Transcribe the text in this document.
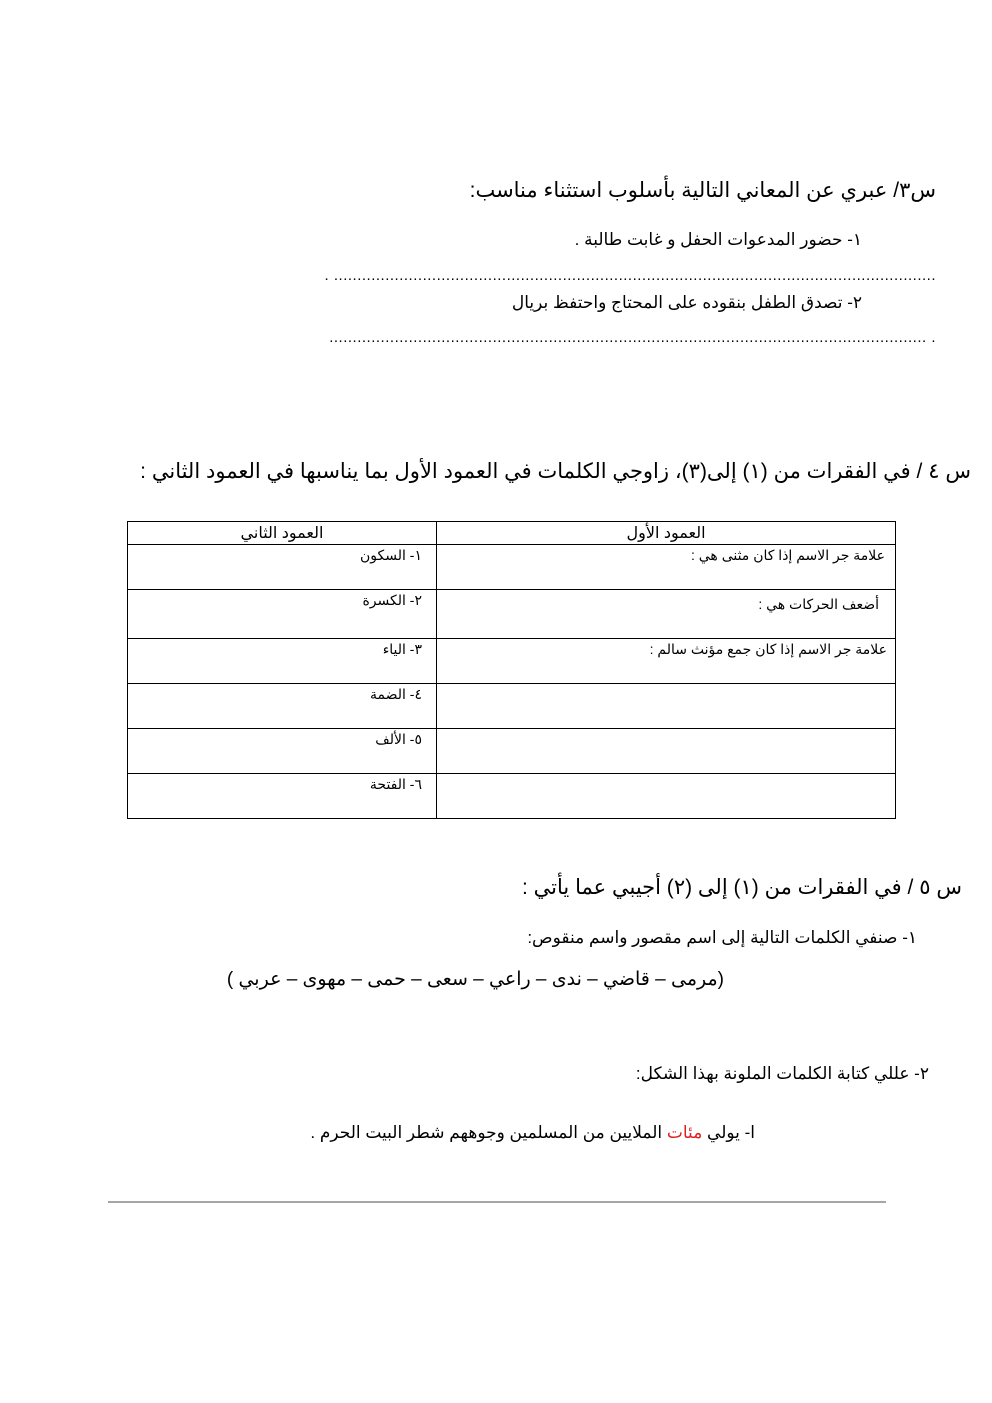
س٣/ عبري عن المعاني التالية بأسلوب استثناء مناسب:
١- حضور المدعوات الحفل و غابت طالبة .
................................................................................................................................. .
٢- تصدق الطفل بنقوده على المحتاج واحتفظ بريال
. ................................................................................................................................
س ٤ / في الفقرات من (١) إلى(٣)، زاوجي الكلمات في العمود الأول بما يناسبها في العمود الثاني :
العمود الأول	العمود الثاني
علامة جر الاسم إذا كان مثنى هي :	١- السكون
أضعف الحركات هي :	٢- الكسرة
علامة جر الاسم إذا كان جمع مؤنث سالم :	٣- الياء
	٤- الضمة
	٥- الألف
	٦- الفتحة
س ٥ / في الفقرات من (١) إلى (٢) أجيبي عما يأتي :
١- صنفي الكلمات التالية إلى اسم مقصور واسم منقوص:
(مرمى – قاضي – ندى – راعي – سعى – حمى – مهوى – عربي )
٢- عللي كتابة الكلمات الملونة بهذا الشكل:
ا- يولي مئات الملايين من المسلمين وجوههم شطر البيت الحرم .
